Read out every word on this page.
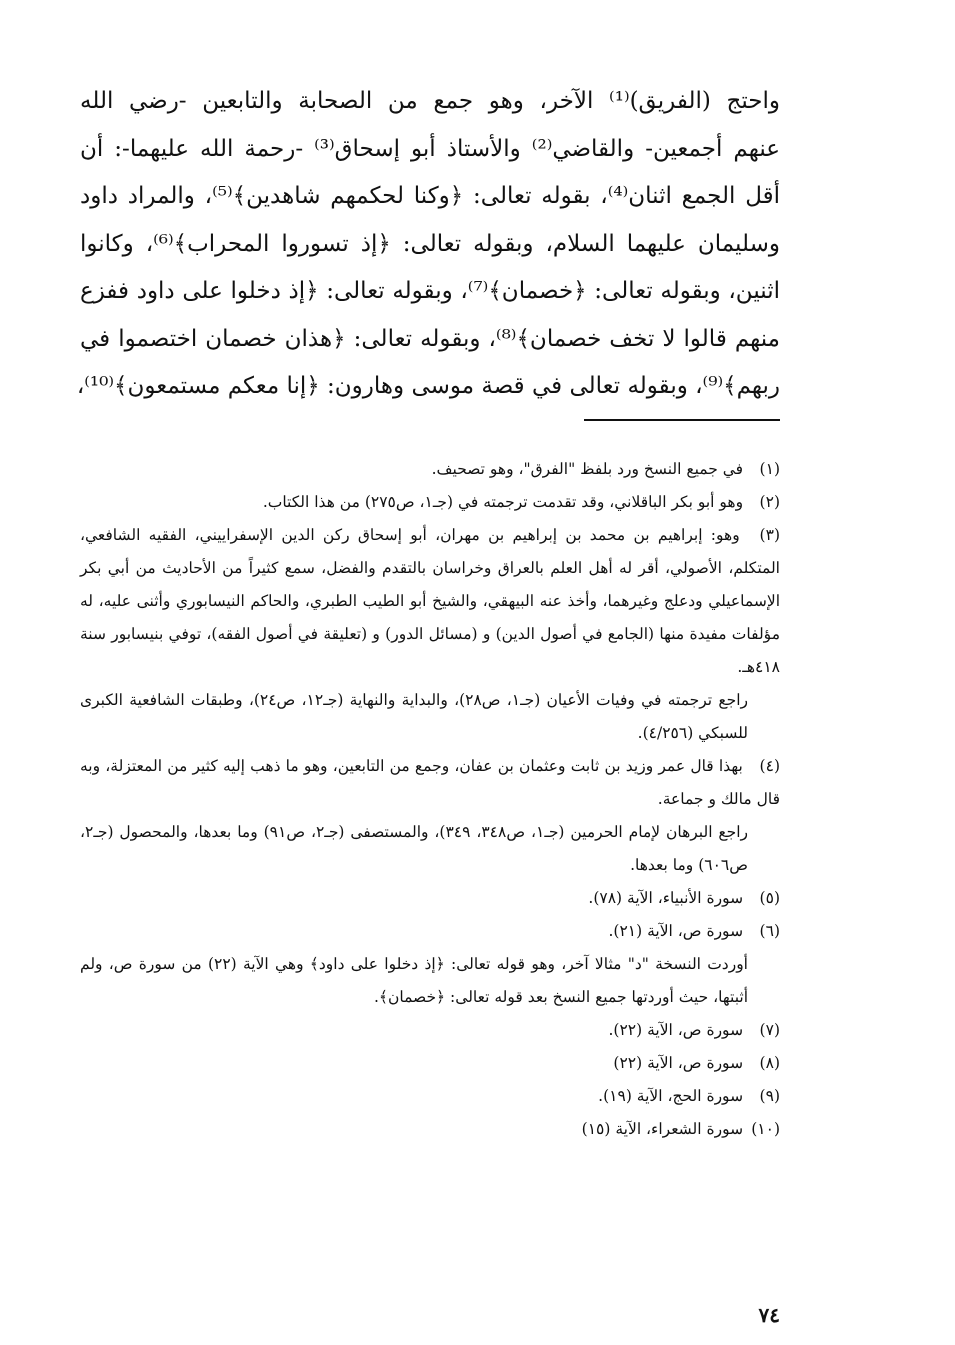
واحتج (الفريق)⁽¹⁾ الآخر، وهو جمع من الصحابة والتابعين -رضي الله
عنهم أجمعين- والقاضي⁽²⁾ والأستاذ أبو إسحاق⁽³⁾ -رحمة الله عليهما-: أن
أقل الجمع اثنان⁽⁴⁾، بقوله تعالى: ﴿وكنا لحكمهم شاهدين﴾⁽⁵⁾، والمراد داود
وسليمان عليهما السلام، وبقوله تعالى: ﴿إذ تسوروا المحراب﴾⁽⁶⁾، وكانوا
اثنين، وبقوله تعالى: ﴿خصمان﴾⁽⁷⁾، وبقوله تعالى: ﴿إذ دخلوا على داود ففزع
منهم قالوا لا تخف خصمان﴾⁽⁸⁾، وبقوله تعالى: ﴿هذان خصمان اختصموا في
ربهم﴾⁽⁹⁾، وبقوله تعالى في قصة موسى وهارون: ﴿إنا معكم مستمعون﴾⁽¹⁰⁾،
(١) في جميع النسخ ورد بلفظ "الفرق"، وهو تصحيف.
(٢) وهو أبو بكر الباقلاني، وقد تقدمت ترجمته في (جـ١، ص٢٧٥) من هذا الكتاب.
(٣) وهو: إبراهيم بن محمد بن إبراهيم بن مهران، أبو إسحاق ركن الدين الإسفراييني، الفقيه الشافعي، المتكلم، الأصولي، أقر له أهل العلم بالعراق وخراسان بالتقدم والفضل، سمع كثيراً من الأحاديث من أبي بكر الإسماعيلي ودعلج وغيرهما، وأخذ عنه البيهقي، والشيخ أبو الطيب الطبري، والحاكم النيسابوري وأثنى عليه، له مؤلفات مفيدة منها (الجامع في أصول الدين) و (مسائل الدور) و (تعليقة في أصول الفقه)، توفي بنيسابور سنة ٤١٨هـ.
راجع ترجمته في وفيات الأعيان (جـ١، ص٢٨)، والبداية والنهاية (جـ١٢، ص٢٤)، وطبقات الشافعية الكبرى للسبكي (٤/٢٥٦).
(٤) بهذا قال عمر وزيد بن ثابت وعثمان بن عفان، وجمع من التابعين، وهو ما ذهب إليه كثير من المعتزلة، وبه قال مالك و جماعة.
راجع البرهان لإمام الحرمين (جـ١، ص٣٤٨، ٣٤٩)، والمستصفى (جـ٢، ص٩١) وما بعدها، والمحصول (جـ٢، ص٦٠٦) وما بعدها.
(٥) سورة الأنبياء، الآية (٧٨).
(٦) سورة ص، الآية (٢١).
أوردت النسخة "د" مثالا آخر، وهو قوله تعالى: ﴿إذ دخلوا على داود﴾ وهي الآية (٢٢) من سورة ص، ولم أثبتها، حيث أوردتها جميع النسخ بعد قوله تعالى: ﴿خصمان﴾.
(٧) سورة ص، الآية (٢٢).
(٨) سورة ص، الآية (٢٢)
(٩) سورة الحج، الآية (١٩).
(١٠) سورة الشعراء، الآية (١٥)
٧٤
